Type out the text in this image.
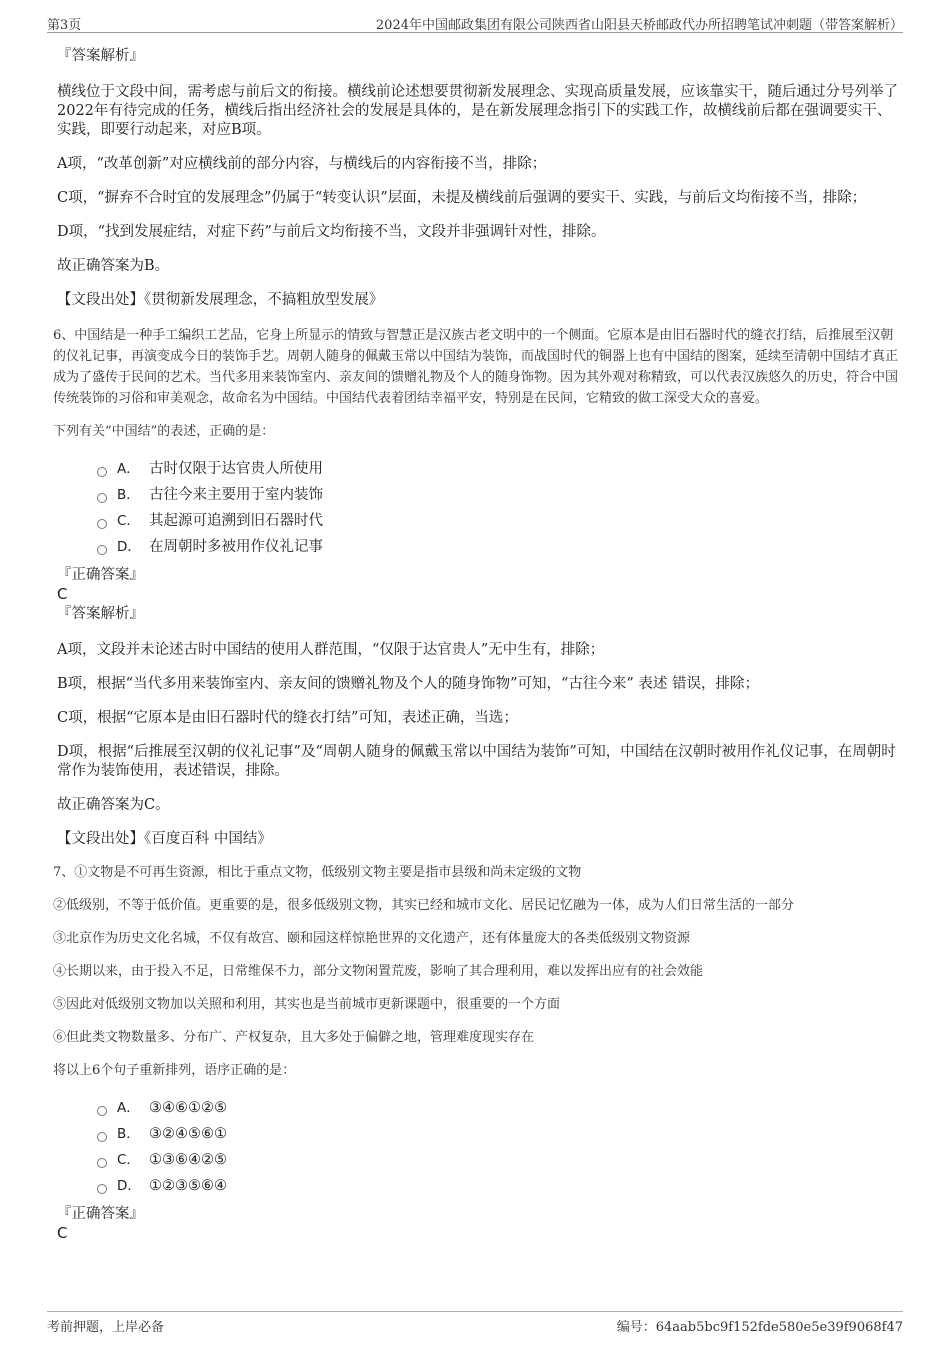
第3页	2024年中国邮政集团有限公司陕西省山阳县天桥邮政代办所招聘笔试冲刺题（带答案解析）

『答案解析』

横线位于文段中间，需考虑与前后文的衔接。横线前论述想要贯彻新发展理念、实现高质量发展，应该靠实干，随后通过分号列举了2022年有待完成的任务，横线后指出经济社会的发展是具体的，是在新发展理念指引下的实践工作，故横线前后都在强调要实干、实践，即要行动起来，对应B项。

A项，“改革创新”对应横线前的部分内容，与横线后的内容衔接不当，排除；

C项，“摒弃不合时宜的发展理念”仍属于“转变认识”层面，未提及横线前后强调的要实干、实践，与前后文均衔接不当，排除；

D项，“找到发展症结，对症下药”与前后文均衔接不当，文段并非强调针对性，排除。

故正确答案为B。

【文段出处】《贯彻新发展理念，不搞粗放型发展》

6、中国结是一种手工编织工艺品，它身上所显示的情致与智慧正是汉族古老文明中的一个侧面。它原本是由旧石器时代的缝衣打结，后推展至汉朝的仪礼记事，再演变成今日的装饰手艺。周朝人随身的佩戴玉常以中国结为装饰，而战国时代的铜器上也有中国结的图案，延续至清朝中国结才真正成为了盛传于民间的艺术。当代多用来装饰室内、亲友间的馈赠礼物及个人的随身饰物。因为其外观对称精致，可以代表汉族悠久的历史，符合中国传统装饰的习俗和审美观念，故命名为中国结。中国结代表着团结幸福平安，特别是在民间，它精致的做工深受大众的喜爱。

下列有关“中国结”的表述，正确的是：

A． 古时仅限于达官贵人所使用
B． 古往今来主要用于室内装饰
C． 其起源可追溯到旧石器时代
D． 在周朝时多被用作仪礼记事

『正确答案』

C

『答案解析』

A项，文段并未论述古时中国结的使用人群范围，“仅限于达官贵人”无中生有，排除；

B项，根据“当代多用来装饰室内、亲友间的馈赠礼物及个人的随身饰物”可知，“古往今来” 表述 错误，排除；

C项，根据“它原本是由旧石器时代的缝衣打结”可知，表述正确，当选；

D项，根据“后推展至汉朝的仪礼记事”及“周朝人随身的佩戴玉常以中国结为装饰”可知，中国结在汉朝时被用作礼仪记事，在周朝时常作为装饰使用，表述错误，排除。

故正确答案为C。

【文段出处】《百度百科 中国结》

7、①文物是不可再生资源，相比于重点文物，低级别文物主要是指市县级和尚未定级的文物

②低级别，不等于低价值。更重要的是，很多低级别文物，其实已经和城市文化、居民记忆融为一体，成为人们日常生活的一部分

③北京作为历史文化名城，不仅有故宫、颐和园这样惊艳世界的文化遗产，还有体量庞大的各类低级别文物资源

④长期以来，由于投入不足，日常维保不力，部分文物闲置荒废，影响了其合理利用，难以发挥出应有的社会效能

⑤因此对低级别文物加以关照和利用，其实也是当前城市更新课题中，很重要的一个方面

⑥但此类文物数量多、分布广、产权复杂，且大多处于偏僻之地，管理难度现实存在

将以上6个句子重新排列，语序正确的是：

A． ③④⑥①②⑤
B． ③②④⑤⑥①
C． ①③⑥④②⑤
D． ①②③⑤⑥④

『正确答案』

C

考前押题，上岸必备	编号：64aab5bc9f152fde580e5e39f9068f47
